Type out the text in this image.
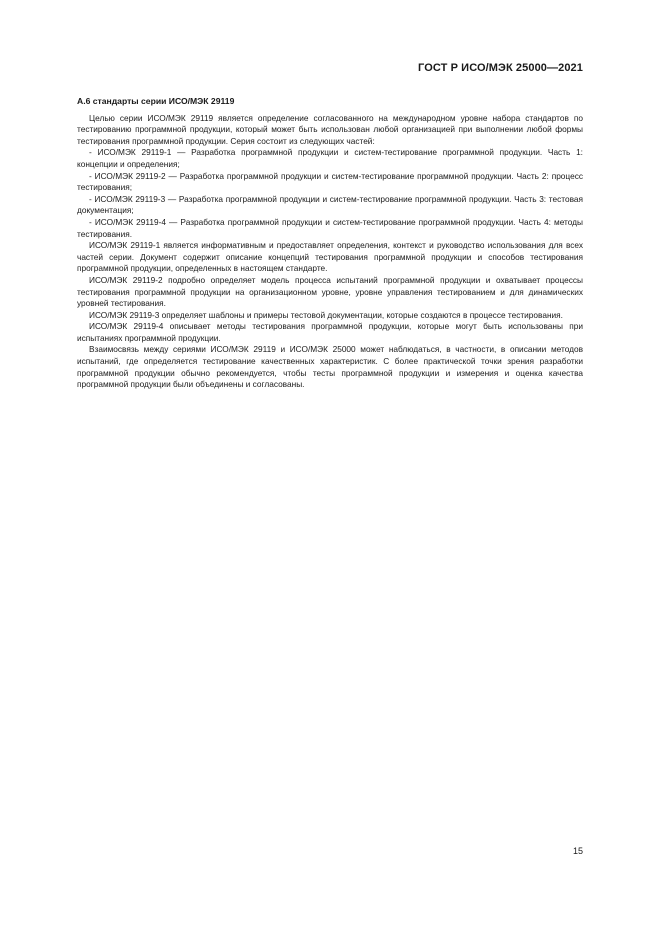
ГОСТ Р ИСО/МЭК 25000—2021
А.6 стандарты серии ИСО/МЭК 29119

Целью серии ИСО/МЭК 29119 является определение согласованного на международном уровне набора стандартов по тестированию программной продукции, который может быть использован любой организацией при выполнении любой формы тестирования программной продукции. Серия состоит из следующих частей:

- ИСО/МЭК 29119-1 — Разработка программной продукции и систем-тестирование программной продукции. Часть 1: концепции и определения;

- ИСО/МЭК 29119-2 — Разработка программной продукции и систем-тестирование программной продукции. Часть 2: процесс тестирования;

- ИСО/МЭК 29119-3 — Разработка программной продукции и систем-тестирование программной продукции. Часть 3: тестовая документация;

- ИСО/МЭК 29119-4 — Разработка программной продукции и систем-тестирование программной продукции. Часть 4: методы тестирования.

ИСО/МЭК 29119-1 является информативным и предоставляет определения, контекст и руководство использования для всех частей серии. Документ содержит описание концепций тестирования программной продукции и способов тестирования программной продукции, определенных в настоящем стандарте.

ИСО/МЭК 29119-2 подробно определяет модель процесса испытаний программной продукции и охватывает процессы тестирования программной продукции на организационном уровне, уровне управления тестированием и для динамических уровней тестирования.

ИСО/МЭК 29119-3 определяет шаблоны и примеры тестовой документации, которые создаются в процессе тестирования.

ИСО/МЭК 29119-4 описывает методы тестирования программной продукции, которые могут быть использованы при испытаниях программной продукции.

Взаимосвязь между сериями ИСО/МЭК 29119 и ИСО/МЭК 25000 может наблюдаться, в частности, в описании методов испытаний, где определяется тестирование качественных характеристик. С более практической точки зрения разработки программной продукции обычно рекомендуется, чтобы тесты программной продукции и измерения и оценка качества программной продукции были объединены и согласованы.

15
